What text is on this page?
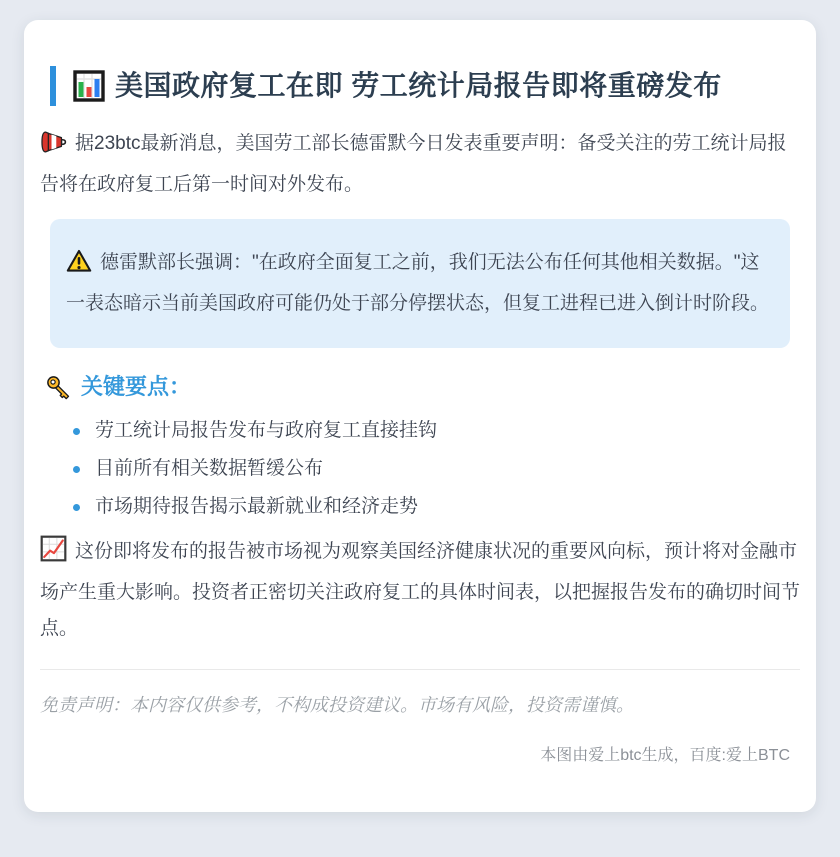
美国政府复工在即 劳工统计局报告即将重磅发布

据23btc最新消息，美国劳工部长德雷默今日发表重要声明：备受关注的劳工统计局报告将在政府复工后第一时间对外发布。

德雷默部长强调："在政府全面复工之前，我们无法公布任何其他相关数据。"这一表态暗示当前美国政府可能仍处于部分停摆状态，但复工进程已进入倒计时阶段。
关键要点：
劳工统计局报告发布与政府复工直接挂钩
目前所有相关数据暂缓公布
市场期待报告揭示最新就业和经济走势

这份即将发布的报告被市场视为观察美国经济健康状况的重要风向标，预计将对金融市场产生重大影响。投资者正密切关注政府复工的具体时间表，以把握报告发布的确切时间节点。

免责声明：本内容仅供参考，不构成投资建议。市场有风险，投资需谨慎。

本图由爱上btc生成，百度:爱上BTC
